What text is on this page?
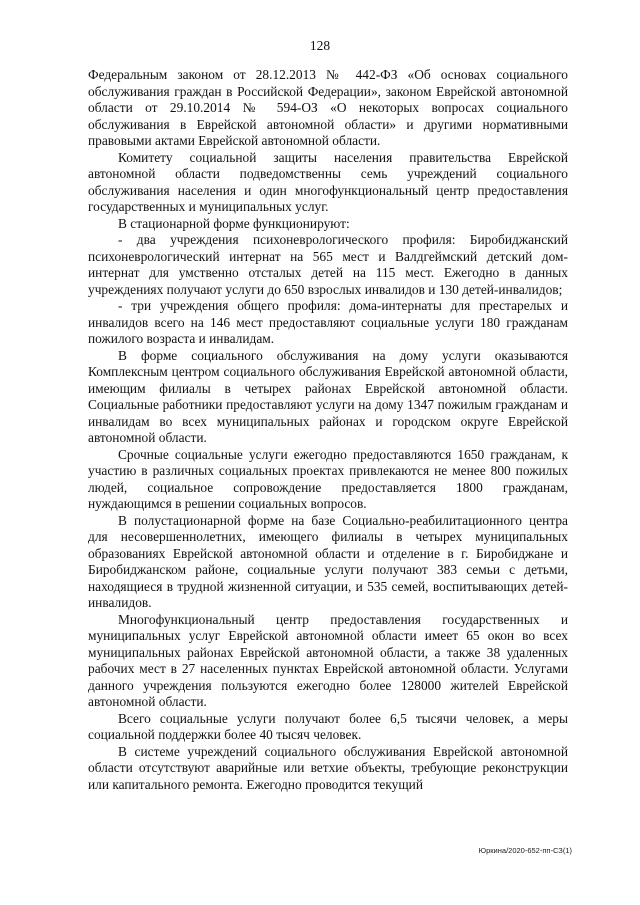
128

Федеральным законом от 28.12.2013 № 442-ФЗ «Об основах социального обслуживания граждан в Российской Федерации», законом Еврейской автономной области от 29.10.2014 № 594-ОЗ «О некоторых вопросах социального обслуживания в Еврейской автономной области» и другими нормативными правовыми актами Еврейской автономной области.

Комитету социальной защиты населения правительства Еврейской автономной области подведомственны семь учреждений социального обслуживания населения и один многофункциональный центр предоставления государственных и муниципальных услуг.

В стационарной форме функционируют:

- два учреждения психоневрологического профиля: Биробиджанский психоневрологический интернат на 565 мест и Валдгеймский детский дом-интернат для умственно отсталых детей на 115 мест. Ежегодно в данных учреждениях получают услуги до 650 взрослых инвалидов и 130 детей-инвалидов;

- три учреждения общего профиля: дома-интернаты для престарелых и инвалидов всего на 146 мест предоставляют социальные услуги 180 гражданам пожилого возраста и инвалидам.

В форме социального обслуживания на дому услуги оказываются Комплексным центром социального обслуживания Еврейской автономной области, имеющим филиалы в четырех районах Еврейской автономной области. Социальные работники предоставляют услуги на дому 1347 пожилым гражданам и инвалидам во всех муниципальных районах и городском округе Еврейской автономной области.

Срочные социальные услуги ежегодно предоставляются 1650 гражданам, к участию в различных социальных проектах привлекаются не менее 800 пожилых людей, социальное сопровождение предоставляется 1800 гражданам, нуждающимся в решении социальных вопросов.

В полустационарной форме на базе Социально-реабилитационного центра для несовершеннолетних, имеющего филиалы в четырех муниципальных образованиях Еврейской автономной области и отделение в г. Биробиджане и Биробиджанском районе, социальные услуги получают 383 семьи с детьми, находящиеся в трудной жизненной ситуации, и 535 семей, воспитывающих детей-инвалидов.

Многофункциональный центр предоставления государственных и муниципальных услуг Еврейской автономной области имеет 65 окон во всех муниципальных районах Еврейской автономной области, а также 38 удаленных рабочих мест в 27 населенных пунктах Еврейской автономной области. Услугами данного учреждения пользуются ежегодно более 128000 жителей Еврейской автономной области.

Всего социальные услуги получают более 6,5 тысячи человек, а меры социальной поддержки более 40 тысяч человек.

В системе учреждений социального обслуживания Еврейской автономной области отсутствуют аварийные или ветхие объекты, требующие реконструкции или капитального ремонта. Ежегодно проводится текущий

Юркина/2020-652-пп-СЗ(1)
